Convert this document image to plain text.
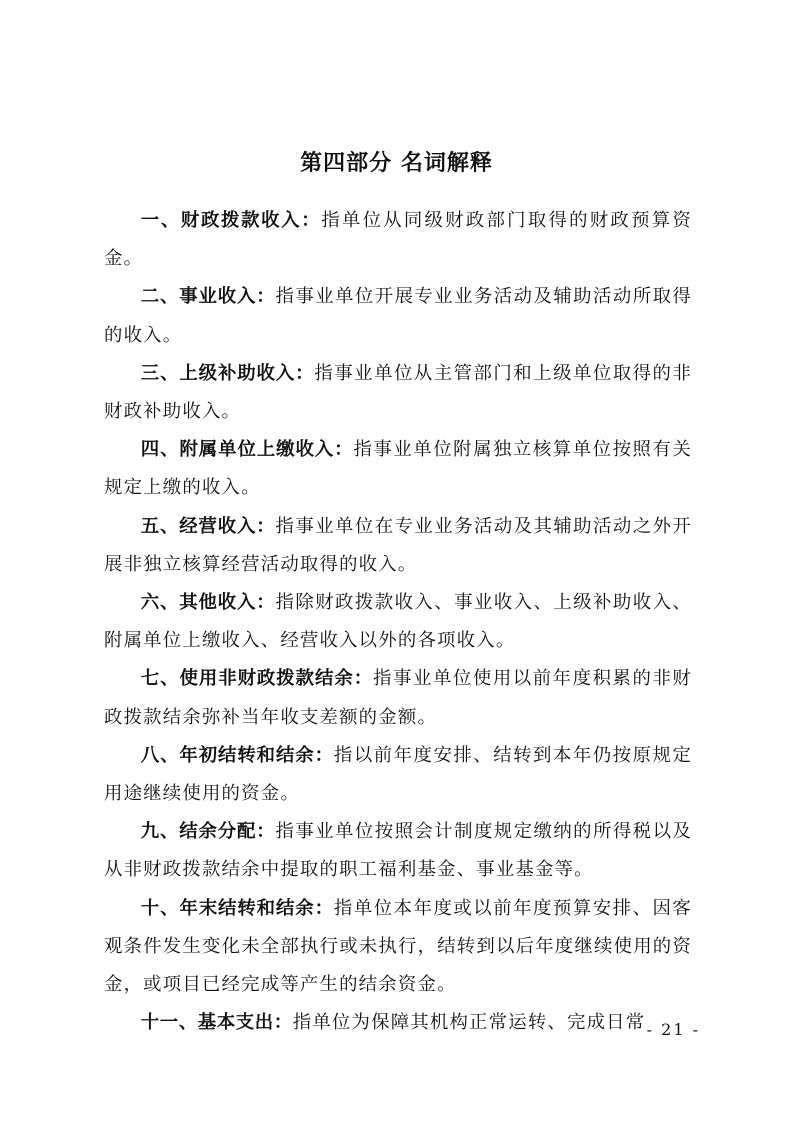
第四部分 名词解释

一、财政拨款收入：指单位从同级财政部门取得的财政预算资金。

二、事业收入：指事业单位开展专业业务活动及辅助活动所取得的收入。

三、上级补助收入：指事业单位从主管部门和上级单位取得的非财政补助收入。

四、附属单位上缴收入：指事业单位附属独立核算单位按照有关规定上缴的收入。

五、经营收入：指事业单位在专业业务活动及其辅助活动之外开展非独立核算经营活动取得的收入。

六、其他收入：指除财政拨款收入、事业收入、上级补助收入、附属单位上缴收入、经营收入以外的各项收入。

七、使用非财政拨款结余：指事业单位使用以前年度积累的非财政拨款结余弥补当年收支差额的金额。

八、年初结转和结余：指以前年度安排、结转到本年仍按原规定用途继续使用的资金。

九、结余分配：指事业单位按照会计制度规定缴纳的所得税以及从非财政拨款结余中提取的职工福利基金、事业基金等。

十、年末结转和结余：指单位本年度或以前年度预算安排、因客观条件发生变化未全部执行或未执行，结转到以后年度继续使用的资金，或项目已经完成等产生的结余资金。

十一、基本支出：指单位为保障其机构正常运转、完成日常 - 21 -
